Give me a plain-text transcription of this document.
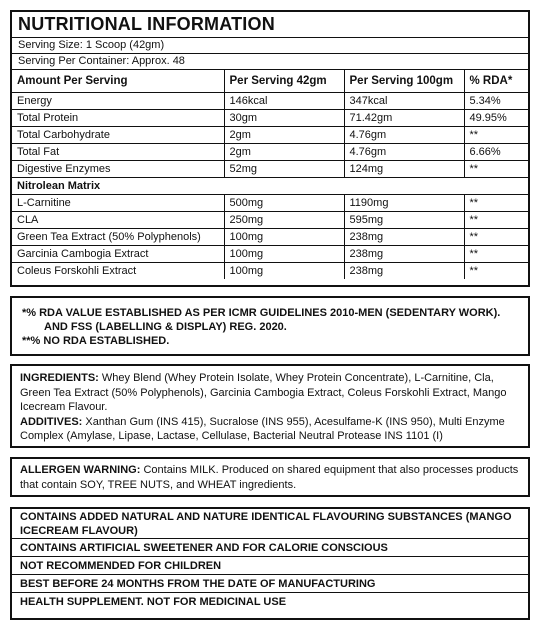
NUTRITIONAL INFORMATION
Serving Size: 1 Scoop (42gm)
Serving Per Container: Approx. 48
Amount Per Serving	Per Serving 42gm	Per Serving 100gm	% RDA*
Energy	146kcal	347kcal	5.34%
Total Protein	30gm	71.42gm	49.95%
Total Carbohydrate	2gm	4.76gm	**
Total Fat	2gm	4.76gm	6.66%
Digestive Enzymes	52mg	124mg	**
Nitrolean Matrix			
L-Carnitine	500mg	1190mg	**
CLA	250mg	595mg	**
Green Tea Extract (50% Polyphenols)	100mg	238mg	**
Garcinia Cambogia Extract	100mg	238mg	**
Coleus Forskohli Extract	100mg	238mg	**
*% RDA VALUE ESTABLISHED AS PER ICMR GUIDELINES 2010-MEN (SEDENTARY WORK).
AND FSS (LABELLING & DISPLAY) REG. 2020.
**% NO RDA ESTABLISHED.
INGREDIENTS: Whey Blend (Whey Protein Isolate, Whey Protein Concentrate), L-Carnitine, Cla, Green Tea Extract (50% Polyphenols), Garcinia Cambogia Extract, Coleus Forskohli Extract, Mango Icecream Flavour.
ADDITIVES: Xanthan Gum (INS 415), Sucralose (INS 955), Acesulfame-K (INS 950), Multi Enzyme Complex (Amylase, Lipase, Lactase, Cellulase, Bacterial Neutral Protease INS 1101 (I)
ALLERGEN WARNING: Contains MILK. Produced on shared equipment that also processes products that contain SOY, TREE NUTS, and WHEAT ingredients.
CONTAINS ADDED NATURAL AND NATURE IDENTICAL FLAVOURING SUBSTANCES (MANGO ICECREAM FLAVOUR)
CONTAINS ARTIFICIAL SWEETENER AND FOR CALORIE CONSCIOUS
NOT RECOMMENDED FOR CHILDREN
BEST BEFORE 24 MONTHS FROM THE DATE OF MANUFACTURING
HEALTH SUPPLEMENT. NOT FOR MEDICINAL USE
